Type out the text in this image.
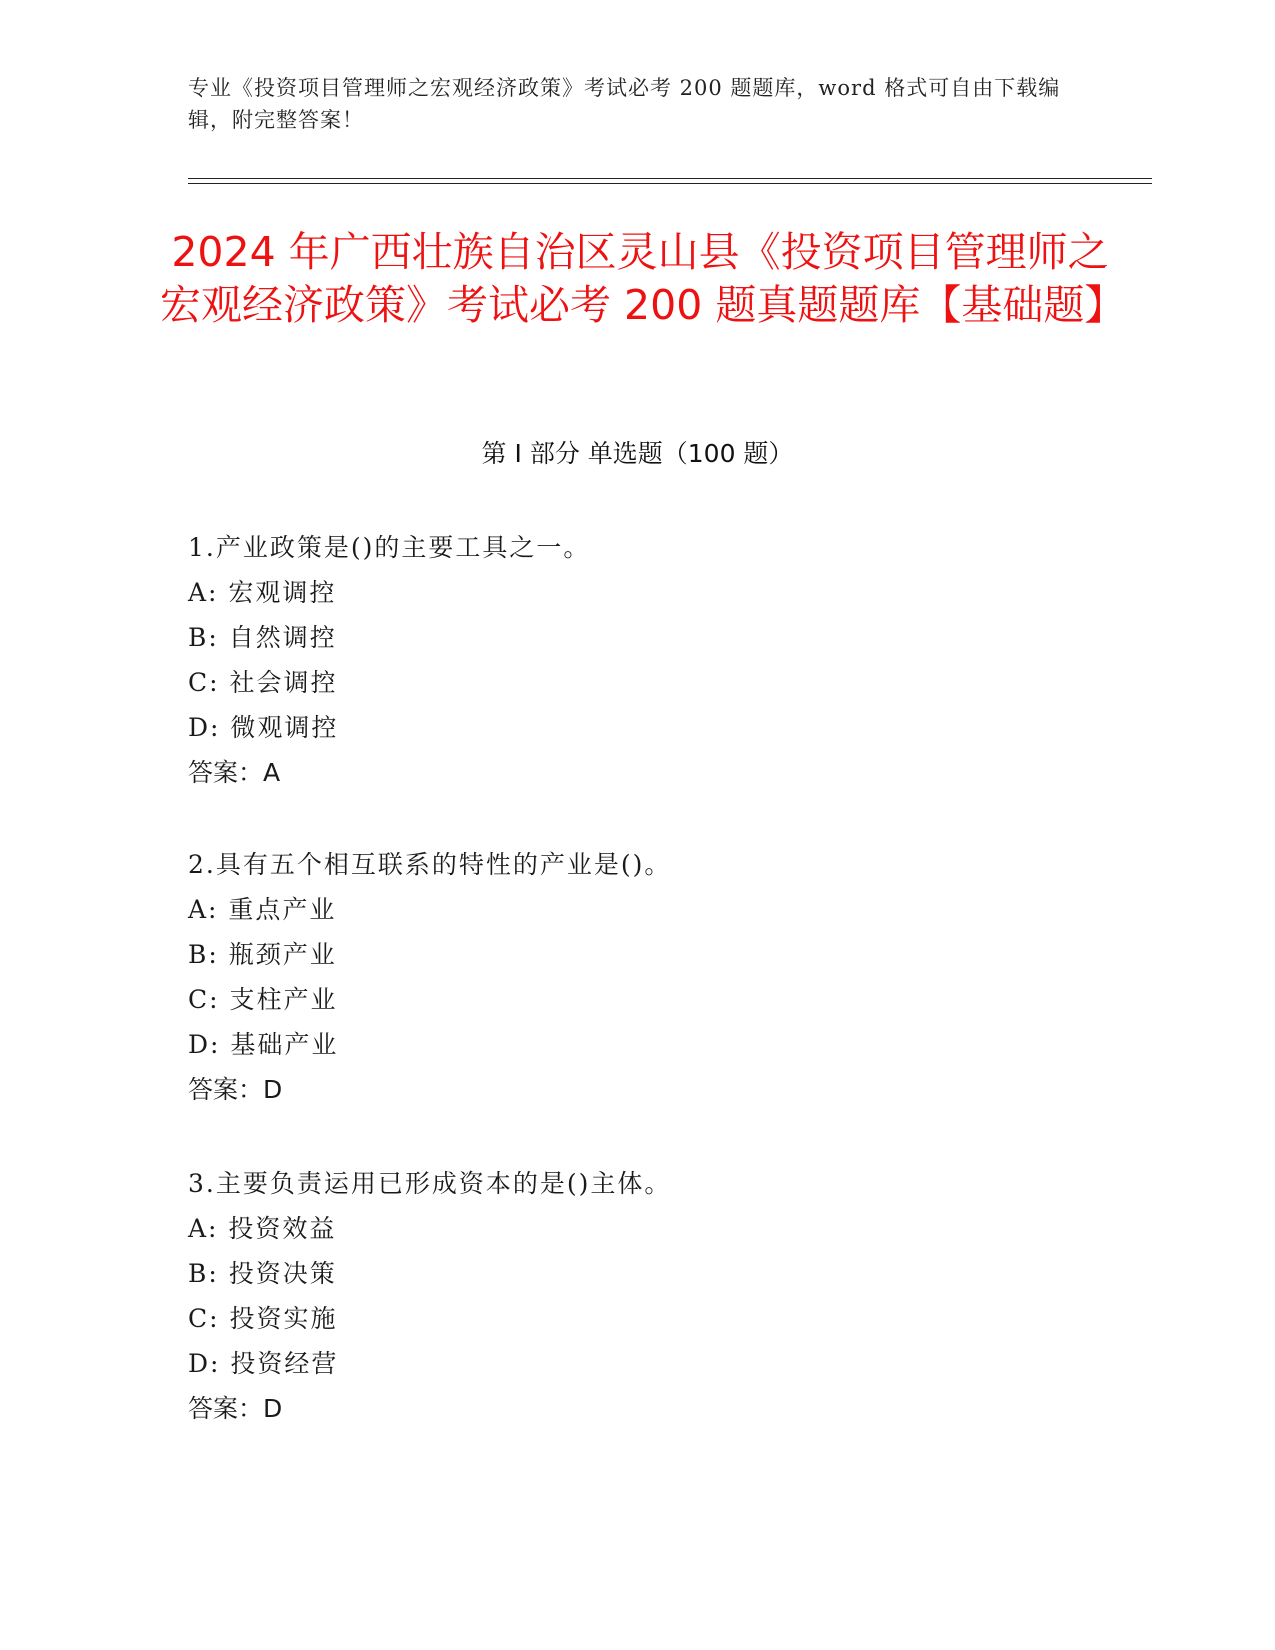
专业《投资项目管理师之宏观经济政策》考试必考 200 题题库，word 格式可自由下载编辑，附完整答案！
2024 年广西壮族自治区灵山县《投资项目管理师之宏观经济政策》考试必考 200 题真题题库【基础题】
第 I 部分 单选题（100 题）
1.产业政策是()的主要工具之一。
A: 宏观调控
B: 自然调控
C: 社会调控
D: 微观调控
答案：A
2.具有五个相互联系的特性的产业是()。
A: 重点产业
B: 瓶颈产业
C: 支柱产业
D: 基础产业
答案：D
3.主要负责运用已形成资本的是()主体。
A: 投资效益
B: 投资决策
C: 投资实施
D: 投资经营
答案：D
